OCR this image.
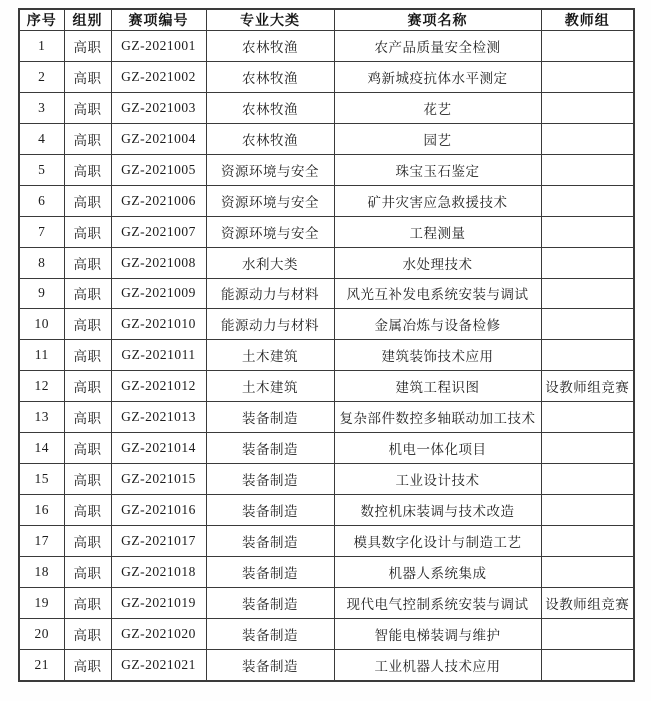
序号	组别	赛项编号	专业大类	赛项名称	教师组
1	高职	GZ-2021001	农林牧渔	农产品质量安全检测	
2	高职	GZ-2021002	农林牧渔	鸡新城疫抗体水平测定	
3	高职	GZ-2021003	农林牧渔	花艺	
4	高职	GZ-2021004	农林牧渔	园艺	
5	高职	GZ-2021005	资源环境与安全	珠宝玉石鉴定	
6	高职	GZ-2021006	资源环境与安全	矿井灾害应急救援技术	
7	高职	GZ-2021007	资源环境与安全	工程测量	
8	高职	GZ-2021008	水利大类	水处理技术	
9	高职	GZ-2021009	能源动力与材料	风光互补发电系统安装与调试	
10	高职	GZ-2021010	能源动力与材料	金属冶炼与设备检修	
11	高职	GZ-2021011	土木建筑	建筑装饰技术应用	
12	高职	GZ-2021012	土木建筑	建筑工程识图	设教师组竞赛
13	高职	GZ-2021013	装备制造	复杂部件数控多轴联动加工技术	
14	高职	GZ-2021014	装备制造	机电一体化项目	
15	高职	GZ-2021015	装备制造	工业设计技术	
16	高职	GZ-2021016	装备制造	数控机床装调与技术改造	
17	高职	GZ-2021017	装备制造	模具数字化设计与制造工艺	
18	高职	GZ-2021018	装备制造	机器人系统集成	
19	高职	GZ-2021019	装备制造	现代电气控制系统安装与调试	设教师组竞赛
20	高职	GZ-2021020	装备制造	智能电梯装调与维护	
21	高职	GZ-2021021	装备制造	工业机器人技术应用	
